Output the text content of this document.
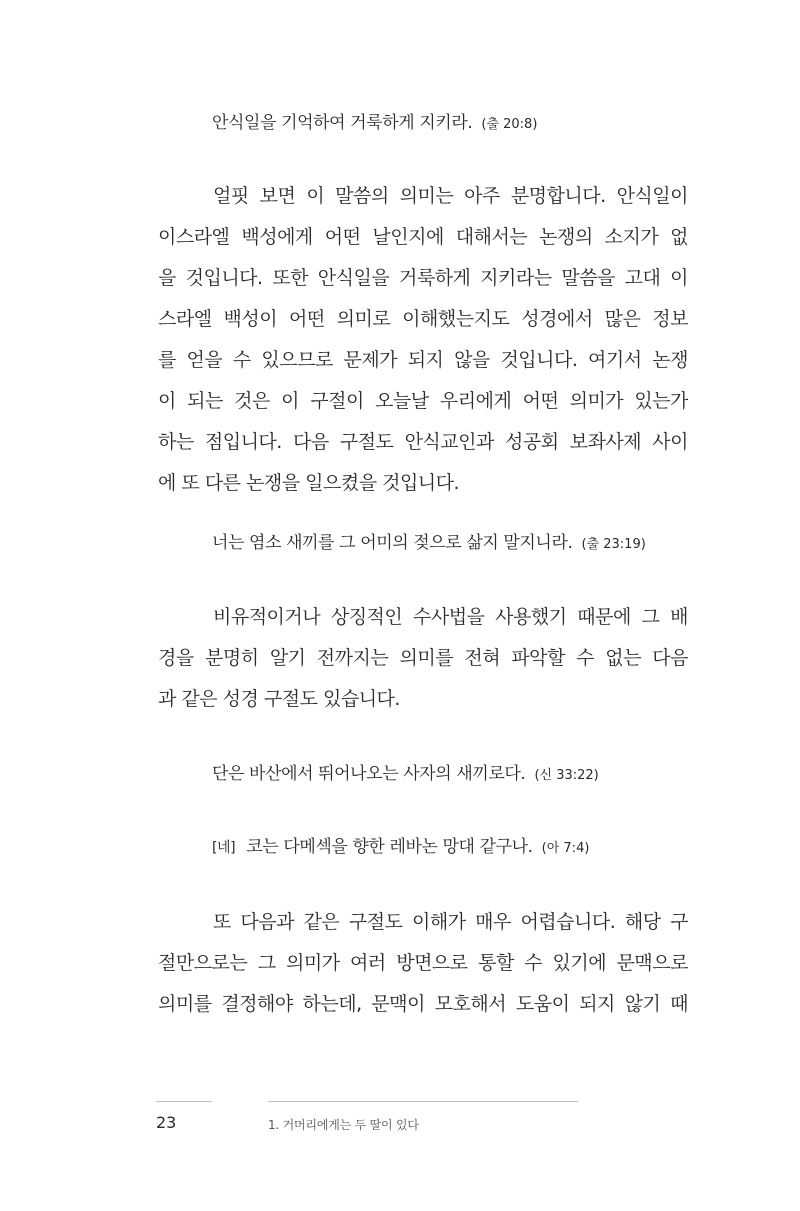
안식일을 기억하여 거룩하게 지키라. (출 20:8)
얼핏 보면 이 말씀의 의미는 아주 분명합니다. 안식일이
이스라엘 백성에게 어떤 날인지에 대해서는 논쟁의 소지가 없
을 것입니다. 또한 안식일을 거룩하게 지키라는 말씀을 고대 이
스라엘 백성이 어떤 의미로 이해했는지도 성경에서 많은 정보
를 얻을 수 있으므로 문제가 되지 않을 것입니다. 여기서 논쟁
이 되는 것은 이 구절이 오늘날 우리에게 어떤 의미가 있는가
하는 점입니다. 다음 구절도 안식교인과 성공회 보좌사제 사이
에 또 다른 논쟁을 일으켰을 것입니다.
너는 염소 새끼를 그 어미의 젖으로 삶지 말지니라. (출 23:19)
비유적이거나 상징적인 수사법을 사용했기 때문에 그 배
경을 분명히 알기 전까지는 의미를 전혀 파악할 수 없는 다음
과 같은 성경 구절도 있습니다.
단은 바산에서 뛰어나오는 사자의 새끼로다. (신 33:22)
[네] 코는 다메섹을 향한 레바논 망대 같구나. (아 7:4)
또 다음과 같은 구절도 이해가 매우 어렵습니다. 해당 구
절만으로는 그 의미가 여러 방면으로 통할 수 있기에 문맥으로
의미를 결정해야 하는데, 문맥이 모호해서 도움이 되지 않기 때
23	1. 거머리에게는 두 딸이 있다
